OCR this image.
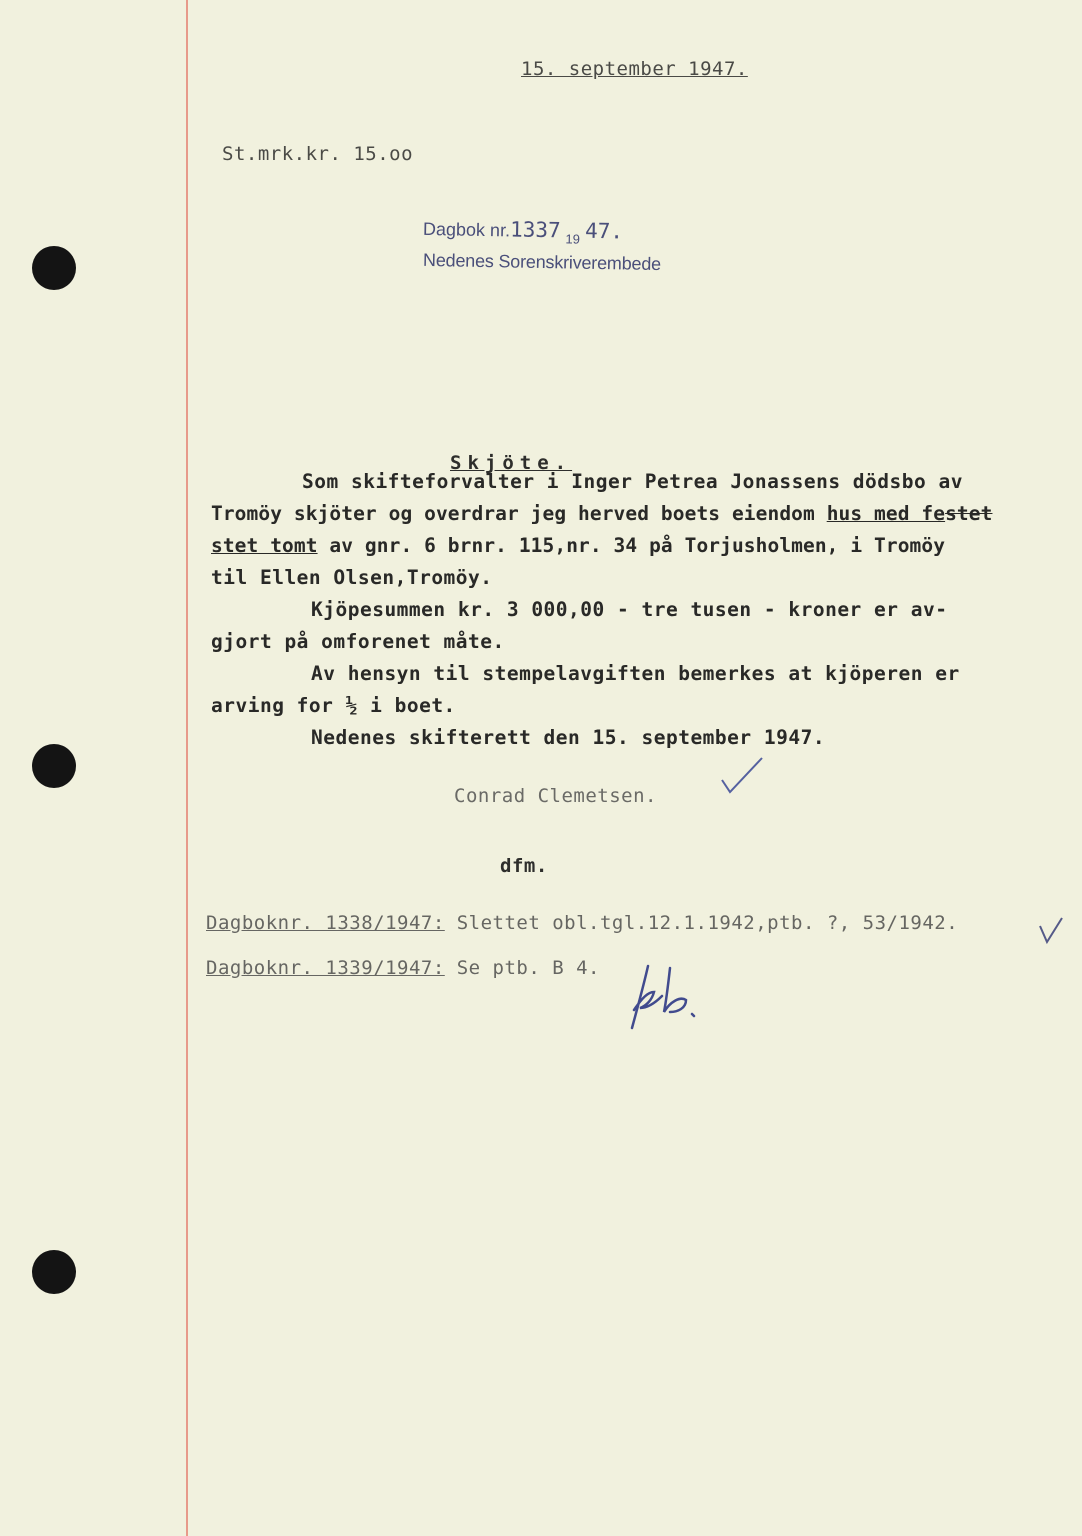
15. september 1947.
St.mrk.kr. 15.oo
Dagbok nr.1337 $_{19}$ 47.
Nedenes Sorenskriverembede
Skjöte.
Som skifteforvalter i Inger Petrea Jonassens dödsbo av
Tromöy skjöter og overdrar jeg herved boets eiendom hus med festet
stet tomt av gnr. 6 brnr. 115,nr. 34 på Torjusholmen, i Tromöy
til Ellen Olsen,Tromöy.
Kjöpesummen kr. 3 000,00 - tre tusen - kroner er av-
gjort på omforenet måte.
Av hensyn til stempelavgiften bemerkes at kjöperen er
arving for ½ i boet.
Nedenes skifterett den 15. september 1947.
Conrad Clemetsen.
dfm.
Dagboknr. 1338/1947: Slettet obl.tgl.12.1.1942,ptb. ?, 53/1942.
Dagboknr. 1339/1947: Se ptb. B 4.
